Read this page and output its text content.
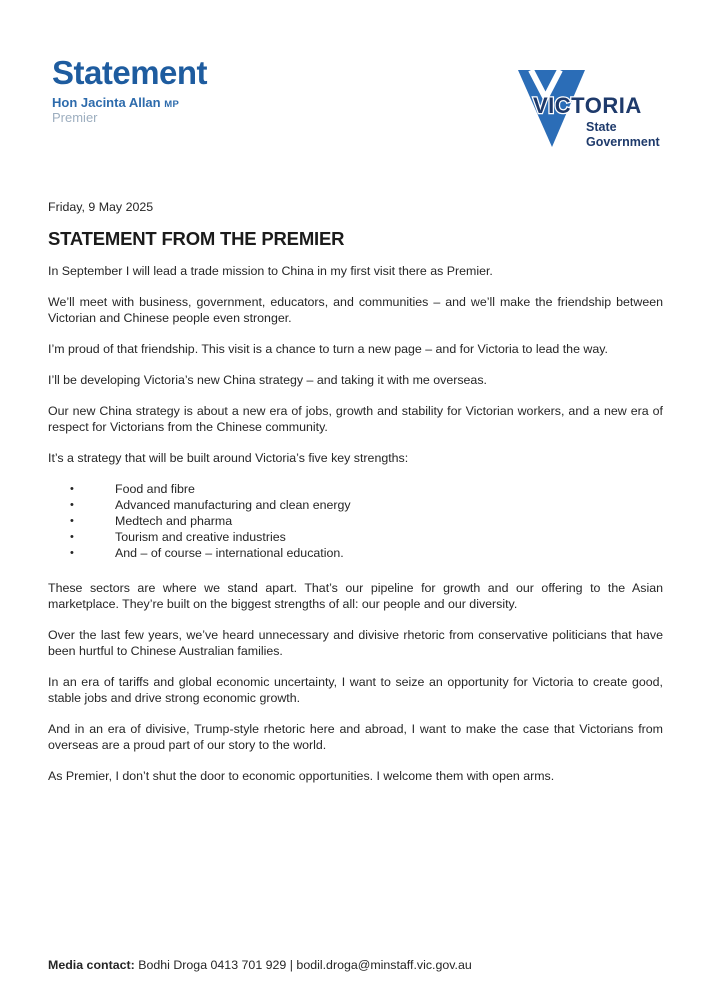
Statement
Hon Jacinta Allan MP
Premier	VICTORIA
State
Government
Friday, 9 May 2025
STATEMENT FROM THE PREMIER

In September I will lead a trade mission to China in my first visit there as Premier.

We’ll meet with business, government, educators, and communities – and we’ll make the friendship between Victorian and Chinese people even stronger.

I’m proud of that friendship. This visit is a chance to turn a new page – and for Victoria to lead the way.

I’ll be developing Victoria’s new China strategy – and taking it with me overseas.

Our new China strategy is about a new era of jobs, growth and stability for Victorian workers, and a new era of respect for Victorians from the Chinese community.

It’s a strategy that will be built around Victoria’s five key strengths:

•	Food and fibre
•	Advanced manufacturing and clean energy
•	Medtech and pharma
•	Tourism and creative industries
•	And – of course – international education.

These sectors are where we stand apart. That’s our pipeline for growth and our offering to the Asian marketplace. They’re built on the biggest strengths of all: our people and our diversity.

Over the last few years, we’ve heard unnecessary and divisive rhetoric from conservative politicians that have been hurtful to Chinese Australian families.

In an era of tariffs and global economic uncertainty, I want to seize an opportunity for Victoria to create good, stable jobs and drive strong economic growth.

And in an era of divisive, Trump-style rhetoric here and abroad, I want to make the case that Victorians from overseas are a proud part of our story to the world.

As Premier, I don’t shut the door to economic opportunities. I welcome them with open arms.

Media contact: Bodhi Droga 0413 701 929 | bodil.droga@minstaff.vic.gov.au
